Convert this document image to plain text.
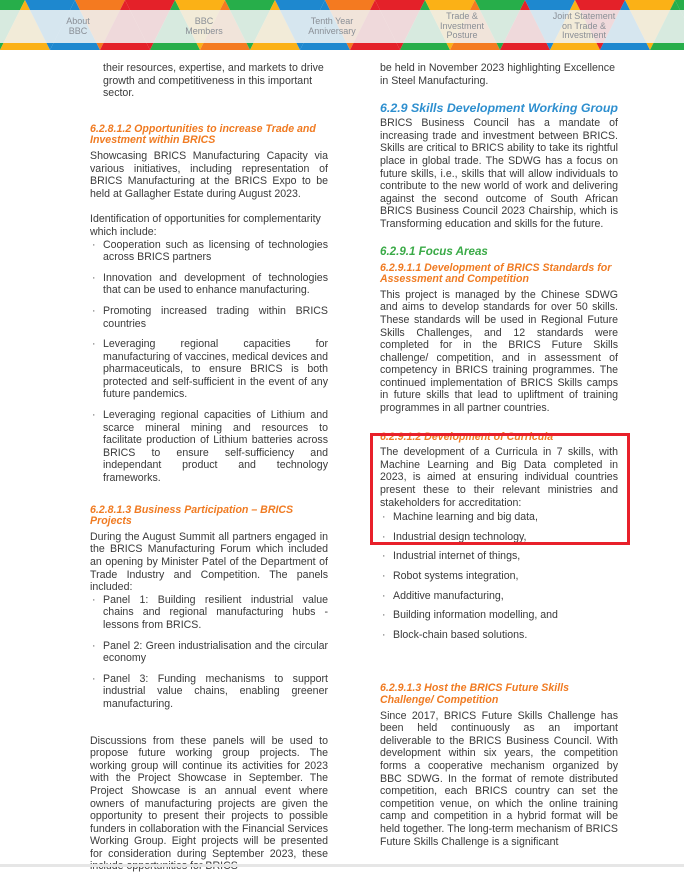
About
BBC
BBC
Members
Tenth Year
Anniversary
Trade &
Investment
Posture
Joint Statement
on Trade &
Investment

their resources, expertise, and markets to drive growth and competitiveness in this important sector.

6.2.8.1.2 Opportunities to increase Trade and Investment within BRICS

Showcasing BRICS Manufacturing Capacity via various initiatives, including representation of BRICS Manufacturing at the BRICS Expo to be held at Gallagher Estate during August 2023.

Identification of opportunities for complementarity which include:

· Cooperation such as licensing of technologies across BRICS partners
· Innovation and development of technologies that can be used to enhance manufacturing.
· Promoting increased trading within BRICS countries
· Leveraging regional capacities for manufacturing of vaccines, medical devices and pharmaceuticals, to ensure BRICS is both protected and self-sufficient in the event of any future pandemics.
· Leveraging regional capacities of Lithium and scarce mineral mining and resources to facilitate production of Lithium batteries across BRICS to ensure self-sufficiency and independant product and technology frameworks.
6.2.8.1.3 Business Participation – BRICS Projects

During the August Summit all partners engaged in the BRICS Manufacturing Forum which included an opening by Minister Patel of the Department of Trade Industry and Competition. The panels included:

· Panel 1: Building resilient industrial value chains and regional manufacturing hubs - lessons from BRICS.
· Panel 2: Green industrialisation and the circular economy
· Panel 3: Funding mechanisms to support industrial value chains, enabling greener manufacturing.

Discussions from these panels will be used to propose future working group projects. The working group will continue its activities for 2023 with the Project Showcase in September. The Project Showcase is an annual event where owners of manufacturing projects are given the opportunity to present their projects to possible funders in collaboration with the Financial Services Working Group. Eight projects will be presented for consideration during September 2023, these

be held in November 2023 highlighting Excellence in Steel Manufacturing.

6.2.9 Skills Development Working Group

BRICS Business Council has a mandate of increasing trade and investment between BRICS. Skills are critical to BRICS ability to take its rightful place in global trade. The SDWG has a focus on future skills, i.e., skills that will allow individuals to contribute to the new world of work and delivering against the second outcome of South African BRICS Business Council 2023 Chairship, which is Transforming education and skills for the future.

6.2.9.1 Focus Areas
6.2.9.1.1 Development of BRICS Standards for Assessment and Competition

This project is managed by the Chinese SDWG and aims to develop standards for over 50 skills. These standards will be used in Regional Future Skills Challenges, and 12 standards were completed for in the BRICS Future Skills challenge/ competition, and in assessment of competency in BRICS training programmes. The continued implementation of BRICS Skills camps in future skills that lead to upliftment of training programmes in all partner countries.

6.2.9.1.2 Development of Curricula

The development of a Curricula in 7 skills, with Machine Learning and Big Data completed in 2023, is aimed at ensuring individual countries present these to their relevant ministries and stakeholders for accreditation:

· Machine learning and big data,
· Industrial design technology,
· Industrial internet of things,
· Robot systems integration,
· Additive manufacturing,
· Building information modelling, and
· Block-chain based solutions.
6.2.9.1.3 Host the BRICS Future Skills Challenge/ Competition

Since 2017, BRICS Future Skills Challenge has been held continuously as an important deliverable to the BRICS Business Council. With development within six years, the competition forms a cooperative mechanism organized by BBC SDWG. In the format of remote distributed competition, each BRICS country can set the competition venue, on which the online training camp and competition in a hybrid format will be held together. The long-term mechanism of BRICS Future Skills Challenge is a significant
